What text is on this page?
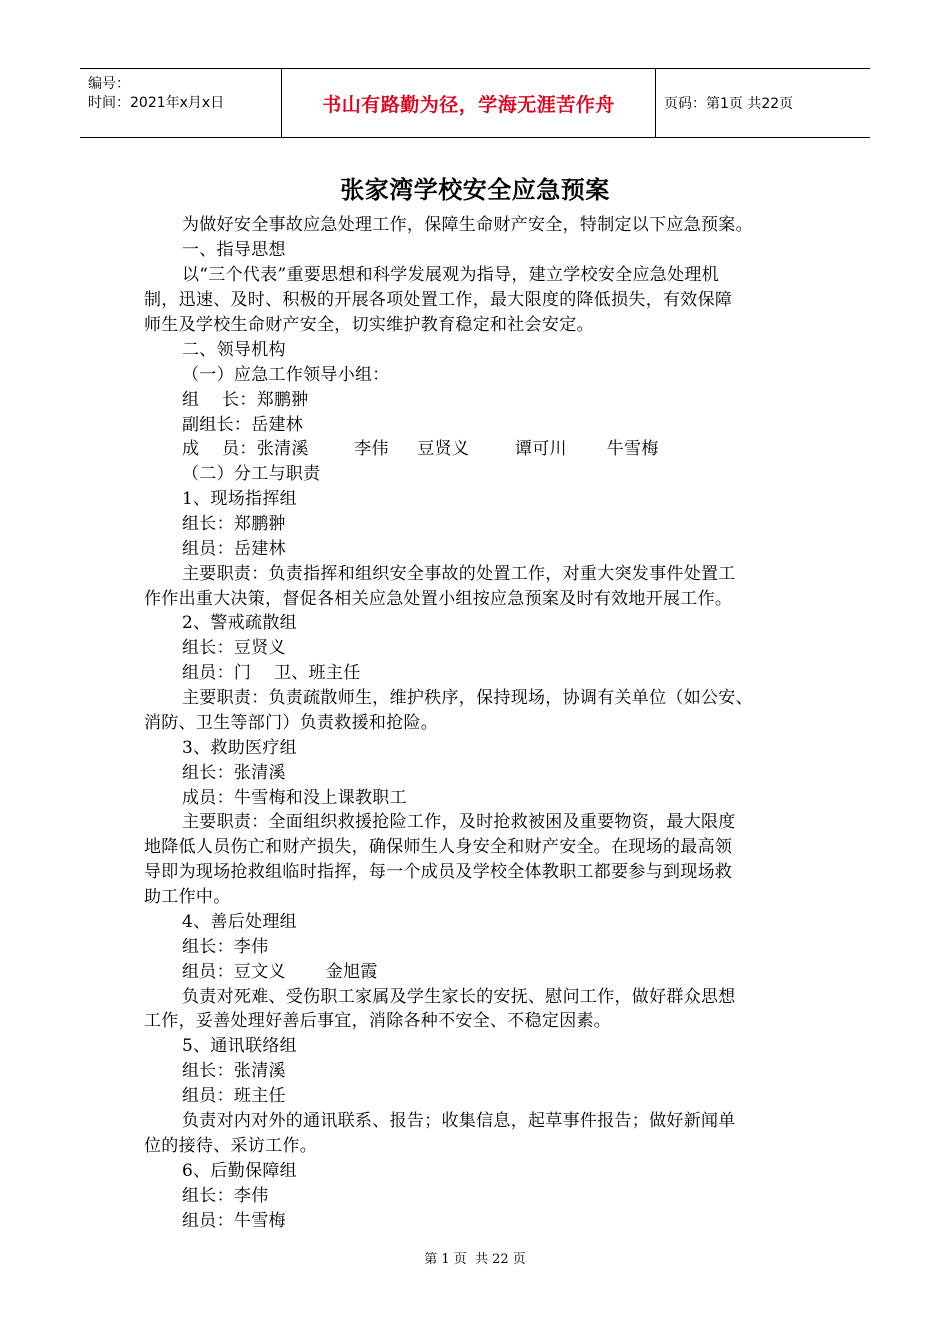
编号：
时间：2021年x月x日	书山有路勤为径，学海无涯苦作舟	页码：第1页 共22页
张家湾学校安全应急预案
为做好安全事故应急处理工作，保障生命财产安全，特制定以下应急预案。
一、指导思想
以“三个代表”重要思想和科学发展观为指导，建立学校安全应急处理机
制，迅速、及时、积极的开展各项处置工作，最大限度的降低损失，有效保障
师生及学校生命财产安全，切实维护教育稳定和社会安定。
二、领导机构
（一）应急工作领导小组：
组    长：郑鹏翀
副组长：岳建林
成    员：张清溪        李伟     豆贤义        谭可川       牛雪梅
（二）分工与职责
1、现场指挥组
组长：郑鹏翀
组员：岳建林
主要职责：负责指挥和组织安全事故的处置工作，对重大突发事件处置工
作作出重大决策，督促各相关应急处置小组按应急预案及时有效地开展工作。
2、警戒疏散组
组长：豆贤义
组员：门    卫、班主任
主要职责：负责疏散师生，维护秩序，保持现场，协调有关单位（如公安、
消防、卫生等部门）负责救援和抢险。
3、救助医疗组
组长：张清溪
成员：牛雪梅和没上课教职工
主要职责：全面组织救援抢险工作，及时抢救被困及重要物资，最大限度
地降低人员伤亡和财产损失，确保师生人身安全和财产安全。在现场的最高领
导即为现场抢救组临时指挥，每一个成员及学校全体教职工都要参与到现场救
助工作中。
4、善后处理组
组长：李伟
组员：豆文义       金旭霞
负责对死难、受伤职工家属及学生家长的安抚、慰问工作，做好群众思想
工作，妥善处理好善后事宜，消除各种不安全、不稳定因素。
5、通讯联络组
组长：张清溪
组员：班主任
负责对内对外的通讯联系、报告；收集信息，起草事件报告；做好新闻单
位的接待、采访工作。
6、后勤保障组
组长：李伟
组员：牛雪梅
第 1 页  共 22 页
